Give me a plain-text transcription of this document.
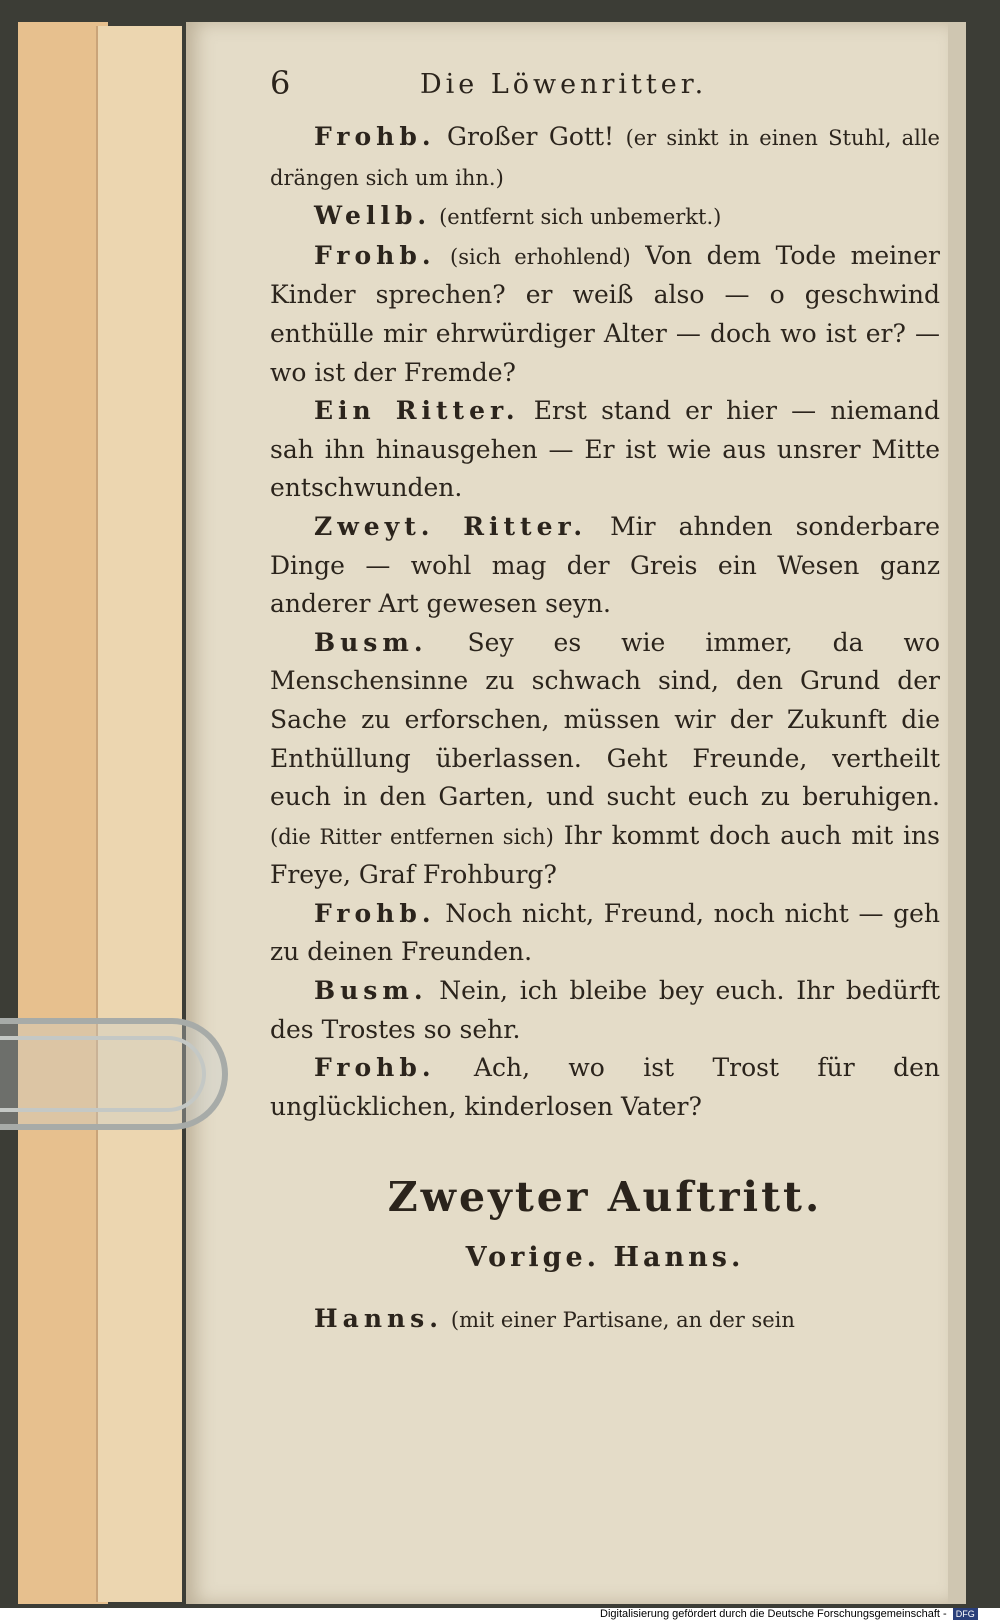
6	Die Löwenritter.

Frohb. Großer Gott! (er sinkt in einen Stuhl, alle drängen sich um ihn.)

Wellb. (entfernt sich unbemerkt.)

Frohb. (sich erhohlend) Von dem Tode meiner Kinder sprechen? er weiß also — o geschwind enthülle mir ehrwürdiger Alter — doch wo ist er? — wo ist der Fremde?

Ein Ritter. Erst stand er hier — niemand sah ihn hinausgehen — Er ist wie aus unsrer Mitte entschwunden.

Zweyt. Ritter. Mir ahnden sonderbare Dinge — wohl mag der Greis ein Wesen ganz anderer Art gewesen seyn.

Busm. Sey es wie immer, da wo Menschensinne zu schwach sind, den Grund der Sache zu erforschen, müssen wir der Zukunft die Enthüllung überlassen. Geht Freunde, vertheilt euch in den Garten, und sucht euch zu beruhigen. (die Ritter entfernen sich) Ihr kommt doch auch mit ins Freye, Graf Frohburg?

Frohb. Noch nicht, Freund, noch nicht — geh zu deinen Freunden.

Busm. Nein, ich bleibe bey euch. Ihr bedürft des Trostes so sehr.

Frohb. Ach, wo ist Trost für den unglücklichen, kinderlosen Vater?

Zweyter Auftritt.
Vorige. Hanns.

Hanns. (mit einer Partisane, an der sein

Digitalisierung gefördert durch die Deutsche Forschungsgemeinschaft - DFG
